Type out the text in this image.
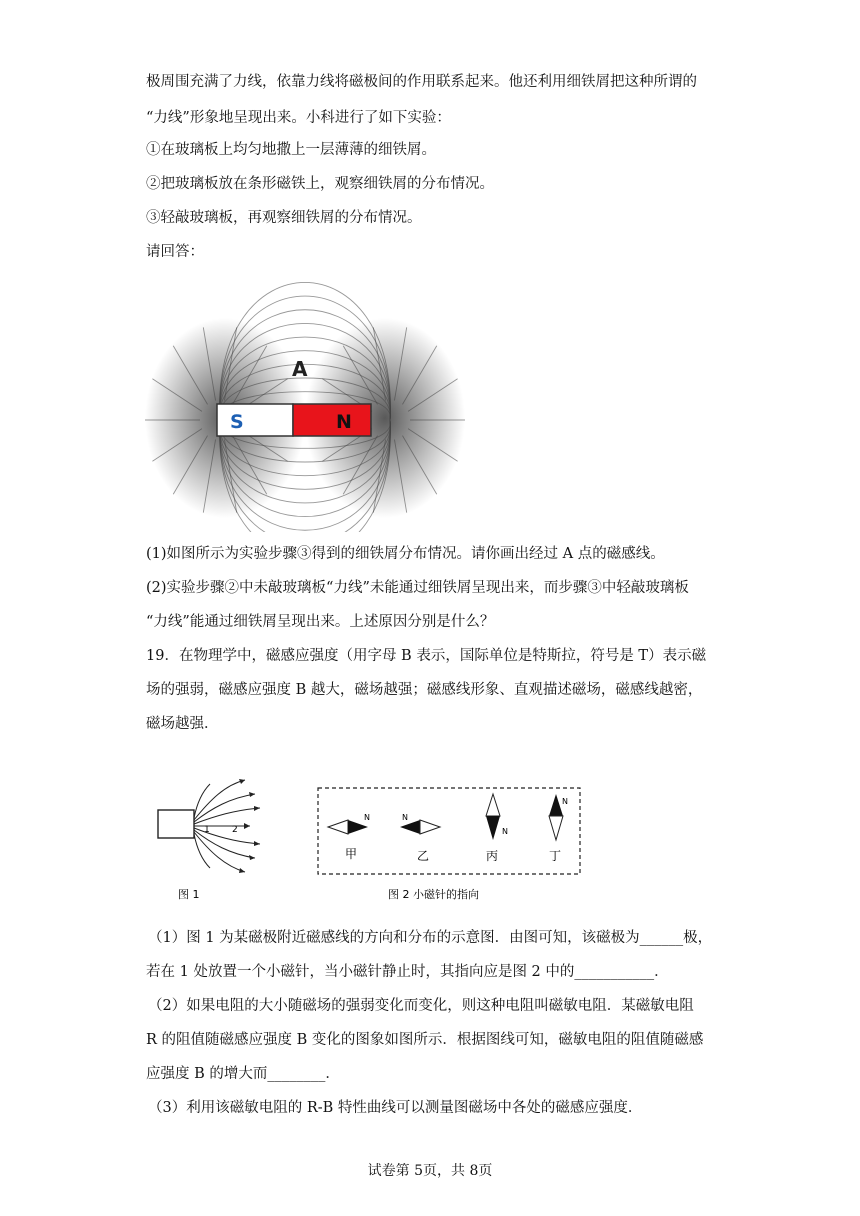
极周围充满了力线，依靠力线将磁极间的作用联系起来。他还利用细铁屑把这种所谓的
“力线”形象地呈现出来。小科进行了如下实验：
①在玻璃板上均匀地撒上一层薄薄的细铁屑。
②把玻璃板放在条形磁铁上，观察细铁屑的分布情况。
③轻敲玻璃板，再观察细铁屑的分布情况。
请回答：
A
S	N
(1)如图所示为实验步骤③得到的细铁屑分布情况。请你画出经过 A 点的磁感线。
(2)实验步骤②中未敲玻璃板“力线”未能通过细铁屑呈现出来，而步骤③中轻敲玻璃板
“力线”能通过细铁屑呈现出来。上述原因分别是什么？
19．在物理学中，磁感应强度（用字母 B 表示，国际单位是特斯拉，符号是 T）表示磁
场的强弱，磁感应强度 B 越大，磁场越强；磁感线形象、直观描述磁场，磁感线越密，
磁场越强．
1 2
图 1
N
甲
N
乙
N
丙
N
丁
图 2 小磁针的指向
（1）图 1 为某磁极附近磁感线的方向和分布的示意图．由图可知，该磁极为______极，
若在 1 处放置一个小磁针，当小磁针静止时，其指向应是图 2 中的___________．
（2）如果电阻的大小随磁场的强弱变化而变化，则这种电阻叫磁敏电阻．某磁敏电阻
R 的阻值随磁感应强度 B 变化的图象如图所示．根据图线可知，磁敏电阻的阻值随磁感
应强度 B 的增大而________．
（3）利用该磁敏电阻的 R-B 特性曲线可以测量图磁场中各处的磁感应强度．
试卷第 5页，共 8页
